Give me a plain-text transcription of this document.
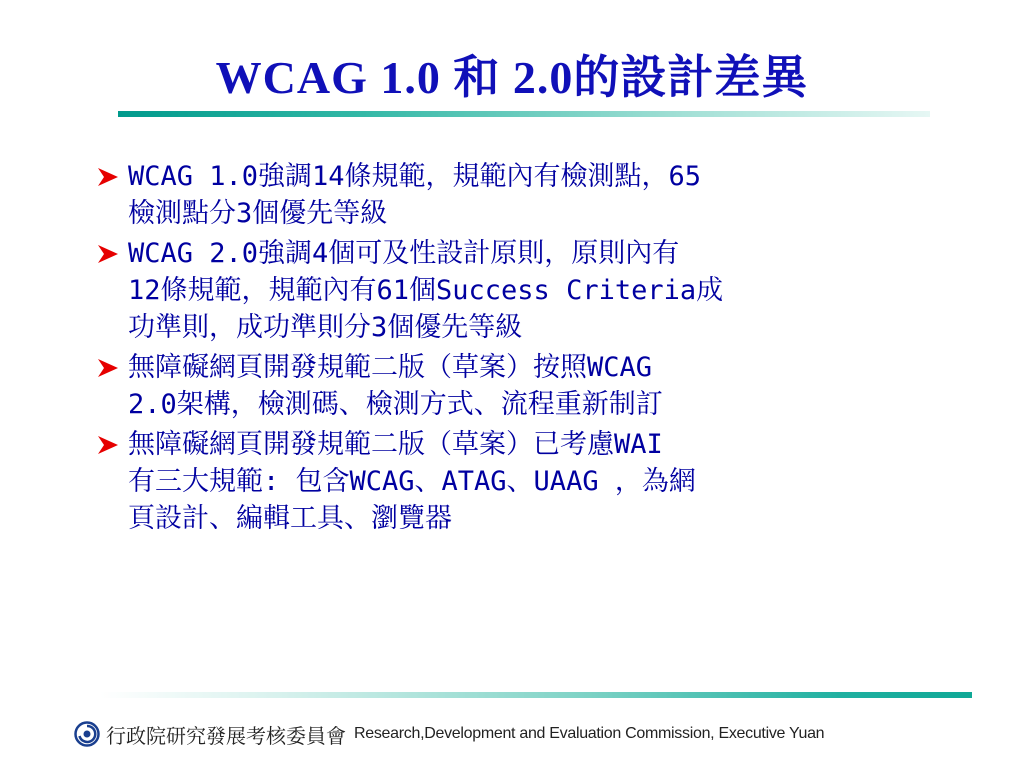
WCAG 1.0 和 2.0的設計差異
WCAG 1.0強調14條規範，規範內有檢測點，65
檢測點分3個優先等級
WCAG 2.0強調4個可及性設計原則，原則內有
12條規範，規範內有61個Success Criteria成
功準則，成功準則分3個優先等級
無障礙網頁開發規範二版（草案）按照WCAG
2.0架構，檢測碼、檢測方式、流程重新制訂
無障礙網頁開發規範二版（草案）已考慮WAI
有三大規範: 包含WCAG、ATAG、UAAG ，為網
頁設計、編輯工具、瀏覽器
行政院研究發展考核委員會 Research,Development and Evaluation Commission, Executive Yuan
